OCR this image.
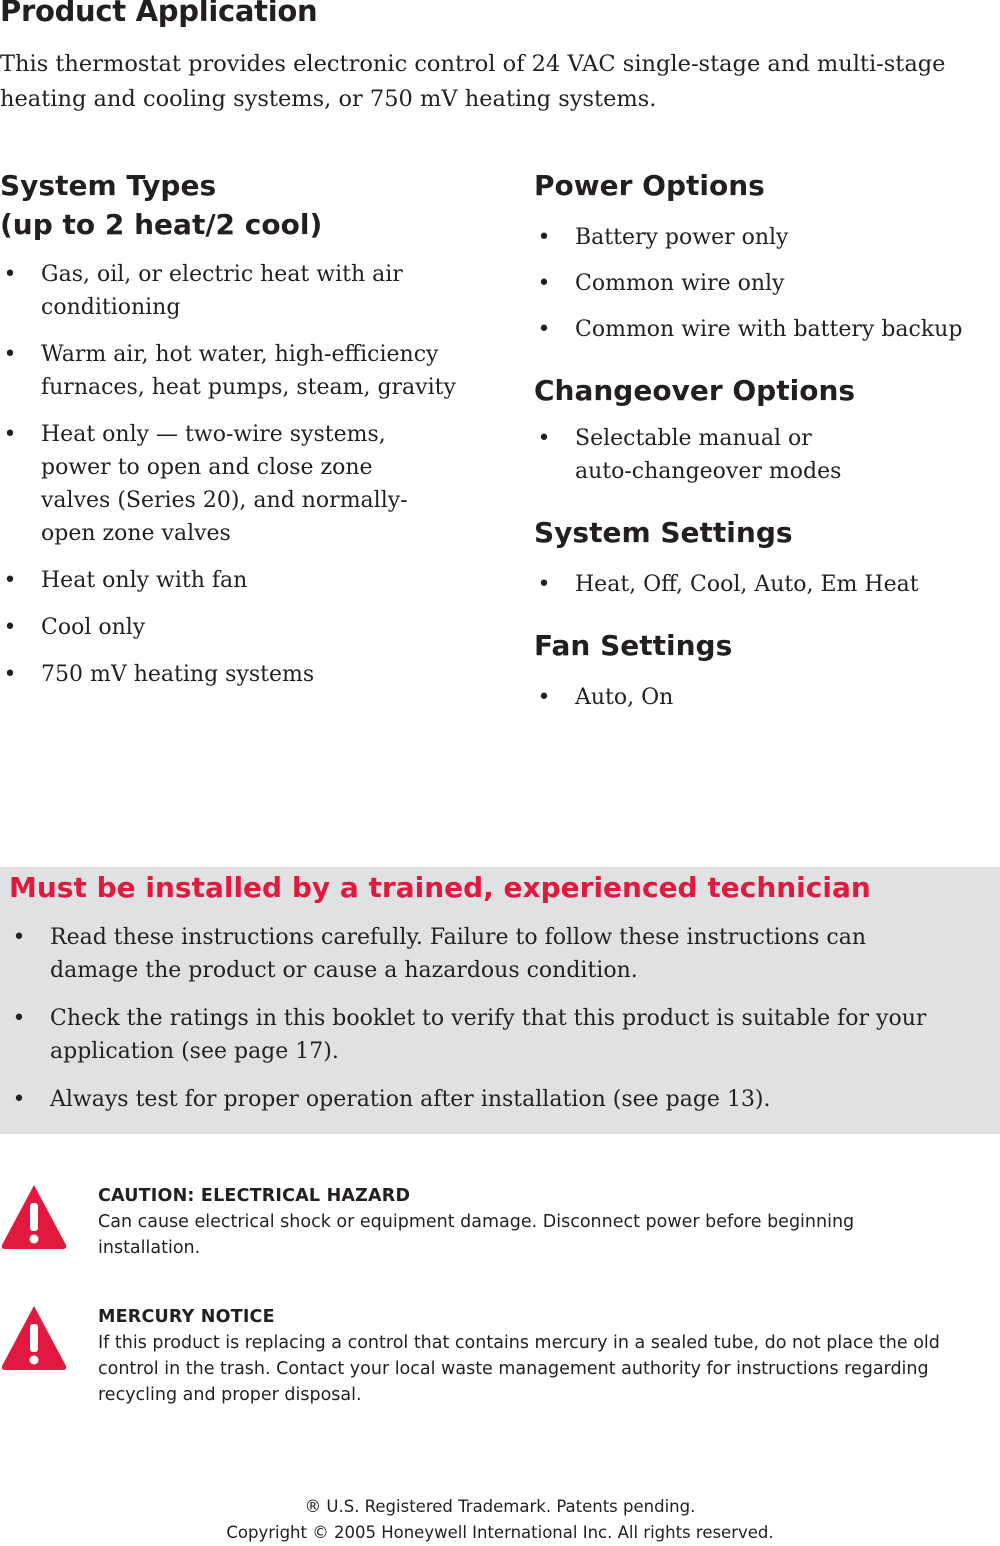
Product Application
This thermostat provides electronic control of 24 VAC single-stage and multi-stage
heating and cooling systems, or 750 mV heating systems.
System Types
(up to 2 heat/2 cool)
• Gas, oil, or electric heat with air conditioning
• Warm air, hot water, high-efficiency furnaces, heat pumps, steam, gravity
• Heat only — two-wire systems, power to open and close zone valves (Series 20), and normally-open zone valves
• Heat only with fan
• Cool only
• 750 mV heating systems
Power Options
• Battery power only
• Common wire only
• Common wire with battery backup
Changeover Options
• Selectable manual or auto-changeover modes
System Settings
• Heat, Off, Cool, Auto, Em Heat
Fan Settings
• Auto, On
Must be installed by a trained, experienced technician
• Read these instructions carefully. Failure to follow these instructions can damage the product or cause a hazardous condition.
• Check the ratings in this booklet to verify that this product is suitable for your application (see page 17).
• Always test for proper operation after installation (see page 13).
CAUTION: ELECTRICAL HAZARD
Can cause electrical shock or equipment damage. Disconnect power before beginning installation.
MERCURY NOTICE
If this product is replacing a control that contains mercury in a sealed tube, do not place the old control in the trash. Contact your local waste management authority for instructions regarding recycling and proper disposal.
® U.S. Registered Trademark. Patents pending.
Copyright © 2005 Honeywell International Inc. All rights reserved.
